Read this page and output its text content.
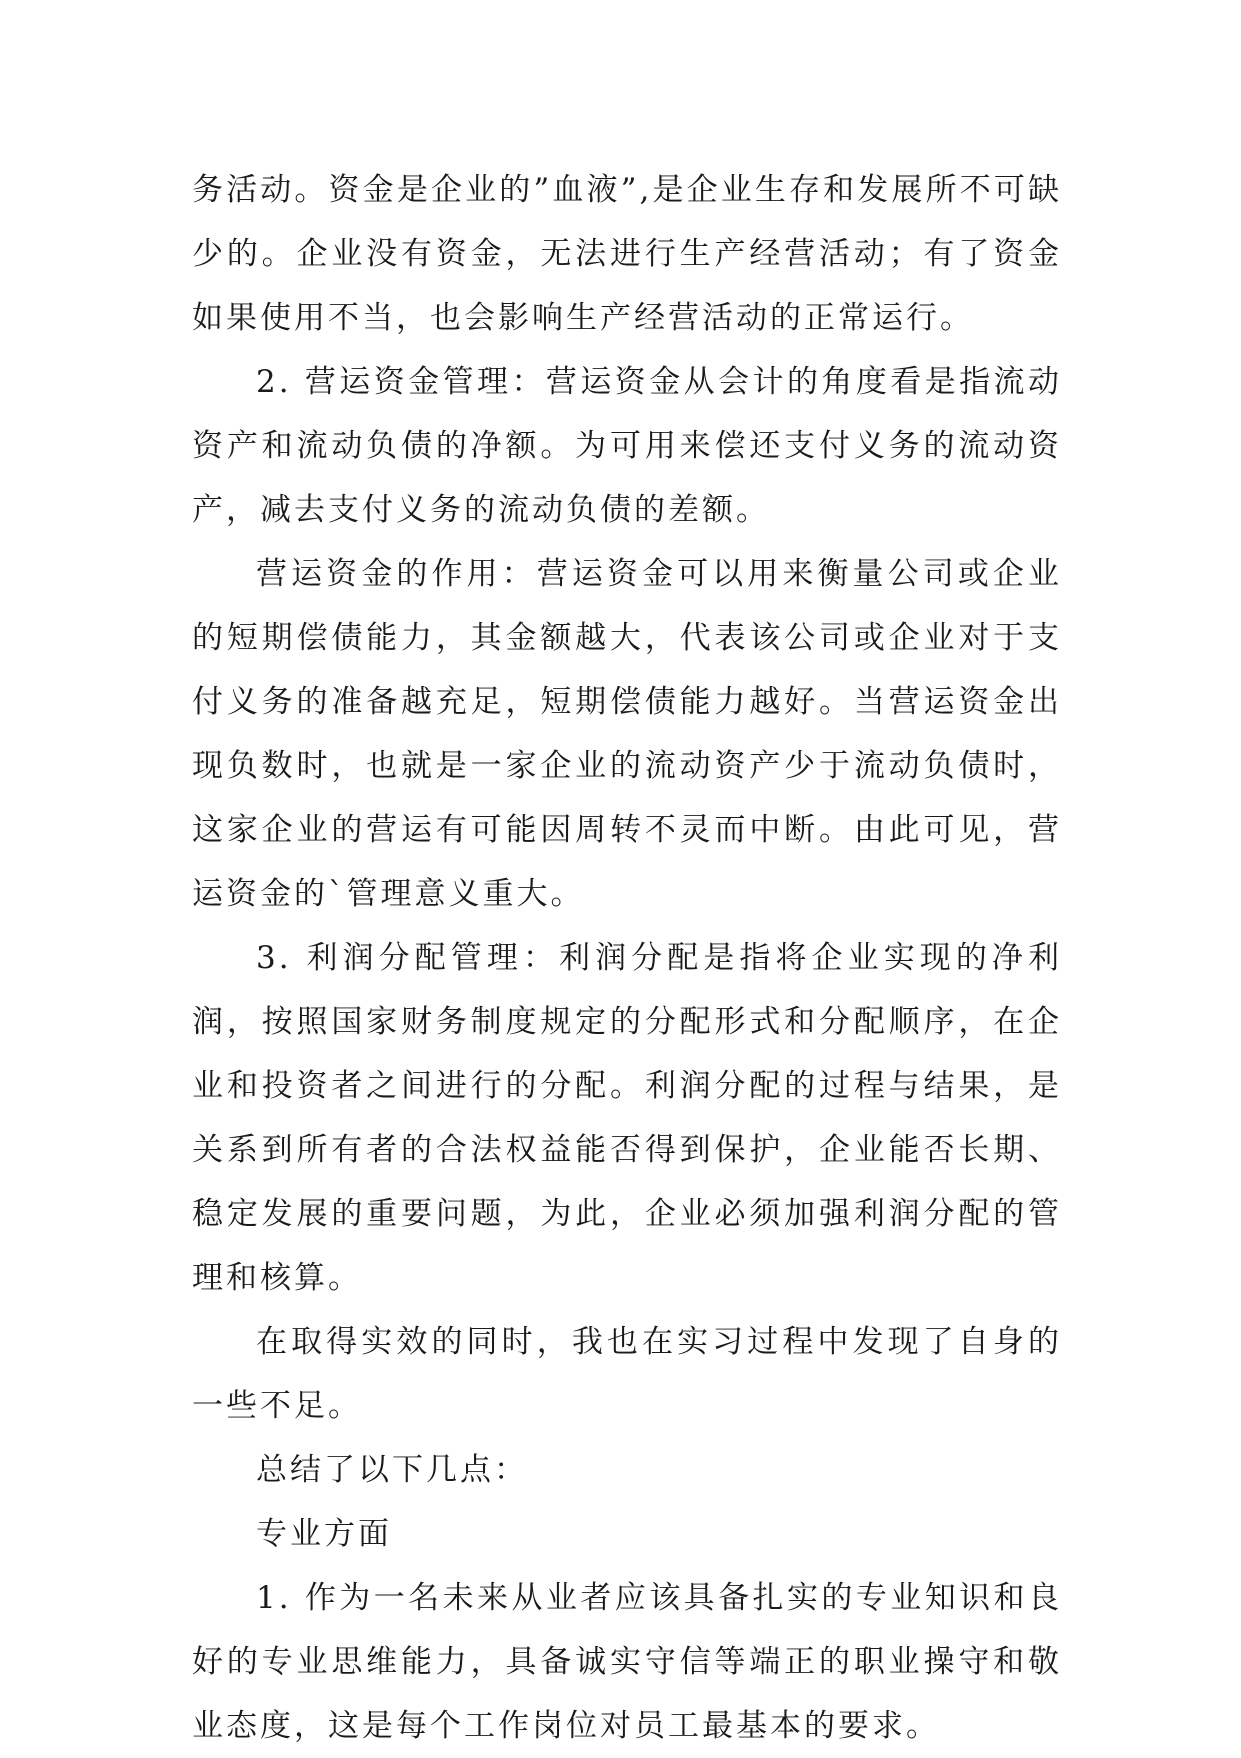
务活动。资金是企业的”血液”,是企业生存和发展所不可缺少的。企业没有资金，无法进行生产经营活动；有了资金如果使用不当，也会影响生产经营活动的正常运行。

2. 营运资金管理：营运资金从会计的角度看是指流动资产和流动负债的净额。为可用来偿还支付义务的流动资产，减去支付义务的流动负债的差额。

营运资金的作用：营运资金可以用来衡量公司或企业的短期偿债能力，其金额越大，代表该公司或企业对于支付义务的准备越充足，短期偿债能力越好。当营运资金出现负数时，也就是一家企业的流动资产少于流动负债时，这家企业的营运有可能因周转不灵而中断。由此可见，营运资金的`管理意义重大。

3. 利润分配管理：利润分配是指将企业实现的净利润，按照国家财务制度规定的分配形式和分配顺序，在企业和投资者之间进行的分配。利润分配的过程与结果，是关系到所有者的合法权益能否得到保护，企业能否长期、稳定发展的重要问题，为此，企业必须加强利润分配的管理和核算。

在取得实效的同时，我也在实习过程中发现了自身的一些不足。

总结了以下几点：

专业方面

1. 作为一名未来从业者应该具备扎实的专业知识和良好的专业思维能力，具备诚实守信等端正的职业操守和敬业态度，这是每个工作岗位对员工最基本的要求。
